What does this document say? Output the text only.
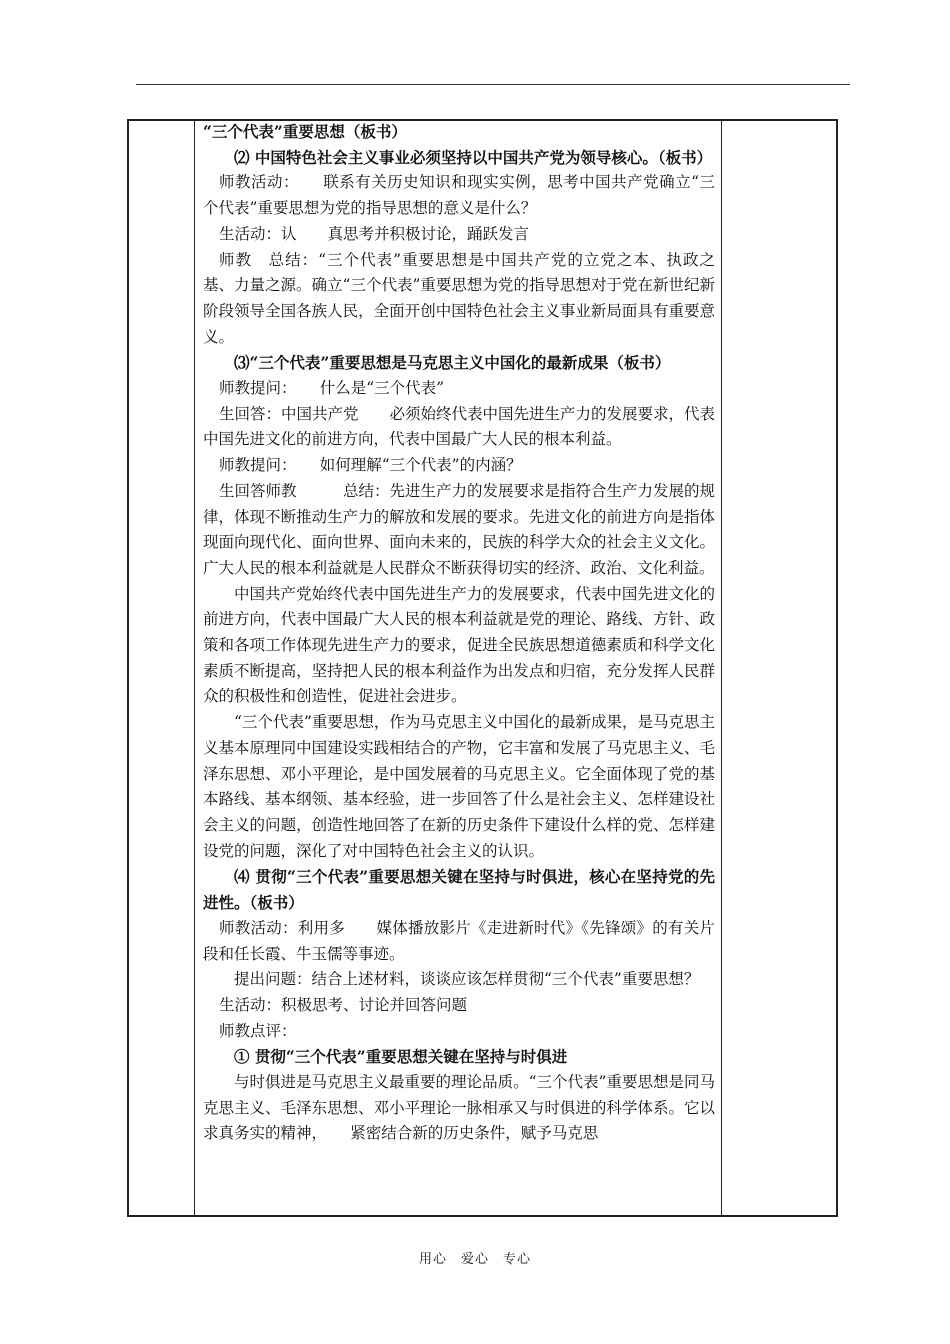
“三个代表”重要思想（板书）

⑵ 中国特色社会主义事业必须坚持以中国共产党为领导核心。（板书）

师教活动：　　联系有关历史知识和现实实例，思考中国共产党确立“三个代表”重要思想为党的指导思想的意义是什么？

生活动：认　　真思考并积极讨论，踊跃发言

师教　总结：“三个代表”重要思想是中国共产党的立党之本、执政之基、力量之源。确立“三个代表”重要思想为党的指导思想对于党在新世纪新阶段领导全国各族人民，全面开创中国特色社会主义事业新局面具有重要意义。

⑶“三个代表”重要思想是马克思主义中国化的最新成果（板书）

师教提问：　　什么是“三个代表”

生回答：中国共产党　　必须始终代表中国先进生产力的发展要求，代表中国先进文化的前进方向，代表中国最广大人民的根本利益。

师教提问：　　如何理解“三个代表”的内涵？

生回答师教　　　总结：先进生产力的发展要求是指符合生产力发展的规律，体现不断推动生产力的解放和发展的要求。先进文化的前进方向是指体现面向现代化、面向世界、面向未来的，民族的科学大众的社会主义文化。广大人民的根本利益就是人民群众不断获得切实的经济、政治、文化利益。

中国共产党始终代表中国先进生产力的发展要求，代表中国先进文化的前进方向，代表中国最广大人民的根本利益就是党的理论、路线、方针、政策和各项工作体现先进生产力的要求，促进全民族思想道德素质和科学文化素质不断提高，坚持把人民的根本利益作为出发点和归宿，充分发挥人民群众的积极性和创造性，促进社会进步。

“三个代表”重要思想，作为马克思主义中国化的最新成果，是马克思主义基本原理同中国建设实践相结合的产物，它丰富和发展了马克思主义、毛泽东思想、邓小平理论，是中国发展着的马克思主义。它全面体现了党的基本路线、基本纲领、基本经验，进一步回答了什么是社会主义、怎样建设社会主义的问题，创造性地回答了在新的历史条件下建设什么样的党、怎样建设党的问题，深化了对中国特色社会主义的认识。

⑷ 贯彻“三个代表”重要思想关键在坚持与时俱进，核心在坚持党的先进性。（板书）

师教活动：利用多　　媒体播放影片《走进新时代》《先锋颂》的有关片段和任长霞、牛玉儒等事迹。

提出问题：结合上述材料，谈谈应该怎样贯彻“三个代表”重要思想？

生活动：积极思考、讨论并回答问题

师教点评：

① 贯彻“三个代表”重要思想关键在坚持与时俱进

与时俱进是马克思主义最重要的理论品质。“三个代表”重要思想是同马克思主义、毛泽东思想、邓小平理论一脉相承又与时俱进的科学体系。它以求真务实的精神，　　紧密结合新的历史条件，赋予马克思

用心　爱心　专心
